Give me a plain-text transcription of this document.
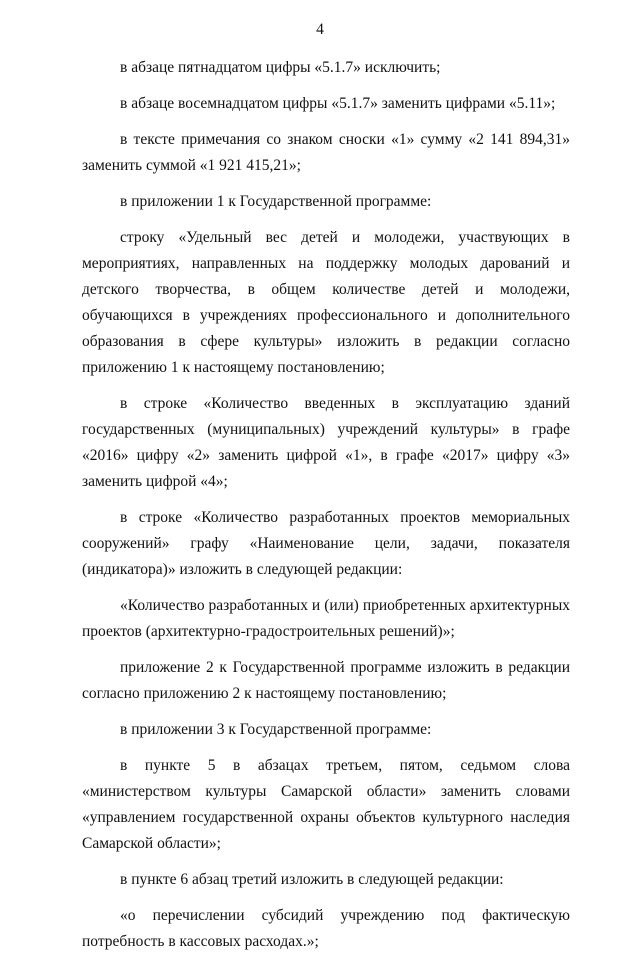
4

в абзаце пятнадцатом цифры «5.1.7» исключить;

в абзаце восемнадцатом цифры «5.1.7» заменить цифрами «5.11»;

в тексте примечания со знаком сноски «1» сумму «2 141 894,31» заменить суммой «1 921 415,21»;

в приложении 1 к Государственной программе:

строку «Удельный вес детей и молодежи, участвующих в мероприятиях, направленных на поддержку молодых дарований и детского творчества, в общем количестве детей и молодежи, обучающихся в учреждениях профессионального и дополнительного образования в сфере культуры» изложить в редакции согласно приложению 1 к настоящему постановлению;

в строке «Количество введенных в эксплуатацию зданий государственных (муниципальных) учреждений культуры» в графе «2016» цифру «2» заменить цифрой «1», в графе «2017» цифру «3» заменить цифрой «4»;

в строке «Количество разработанных проектов мемориальных сооружений» графу «Наименование цели, задачи, показателя (индикатора)» изложить в следующей редакции:

«Количество разработанных и (или) приобретенных архитектурных проектов (архитектурно-градостроительных решений)»;

приложение 2 к Государственной программе изложить в редакции согласно приложению 2 к настоящему постановлению;

в приложении 3 к Государственной программе:

в пункте 5 в абзацах третьем, пятом, седьмом слова «министерством культуры Самарской области» заменить словами «управлением государственной охраны объектов культурного наследия Самарской области»;

в пункте 6 абзац третий изложить в следующей редакции:

«о перечислении субсидий учреждению под фактическую потребность в кассовых расходах.»;
